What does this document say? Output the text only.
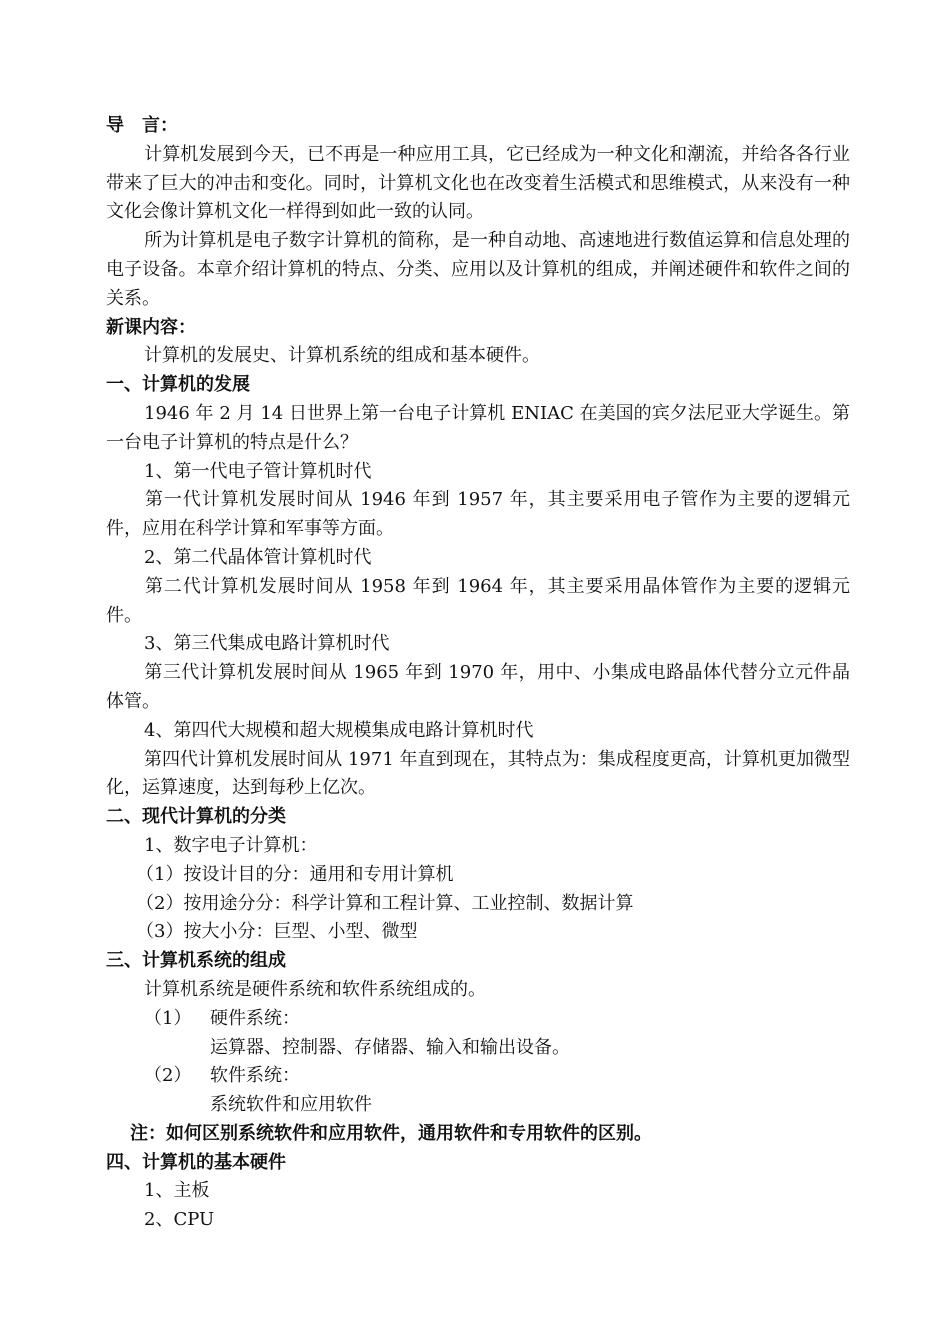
导　言：
计算机发展到今天，已不再是一种应用工具，它已经成为一种文化和潮流，并给各各行业带来了巨大的冲击和变化。同时，计算机文化也在改变着生活模式和思维模式，从来没有一种文化会像计算机文化一样得到如此一致的认同。
所为计算机是电子数字计算机的简称，是一种自动地、高速地进行数值运算和信息处理的电子设备。本章介绍计算机的特点、分类、应用以及计算机的组成，并阐述硬件和软件之间的关系。
新课内容：
计算机的发展史、计算机系统的组成和基本硬件。
一、计算机的发展
1946 年 2 月 14 日世界上第一台电子计算机 ENIAC 在美国的宾夕法尼亚大学诞生。第一台电子计算机的特点是什么？
1、第一代电子管计算机时代
第一代计算机发展时间从 1946 年到 1957 年，其主要采用电子管作为主要的逻辑元件，应用在科学计算和军事等方面。
2、第二代晶体管计算机时代
第二代计算机发展时间从 1958 年到 1964 年，其主要采用晶体管作为主要的逻辑元件。
3、第三代集成电路计算机时代
第三代计算机发展时间从 1965 年到 1970 年，用中、小集成电路晶体代替分立元件晶体管。
4、第四代大规模和超大规模集成电路计算机时代
第四代计算机发展时间从 1971 年直到现在，其特点为：集成程度更高，计算机更加微型化，运算速度，达到每秒上亿次。
二、现代计算机的分类
1、数字电子计算机：
（1）按设计目的分：通用和专用计算机
（2）按用途分分：科学计算和工程计算、工业控制、数据计算
（3）按大小分：巨型、小型、微型
三、计算机系统的组成
计算机系统是硬件系统和软件系统组成的。
（1） 硬件系统：
运算器、控制器、存储器、输入和输出设备。
（2） 软件系统：
系统软件和应用软件
注：如何区别系统软件和应用软件，通用软件和专用软件的区别。
四、计算机的基本硬件
1、主板
2、CPU
